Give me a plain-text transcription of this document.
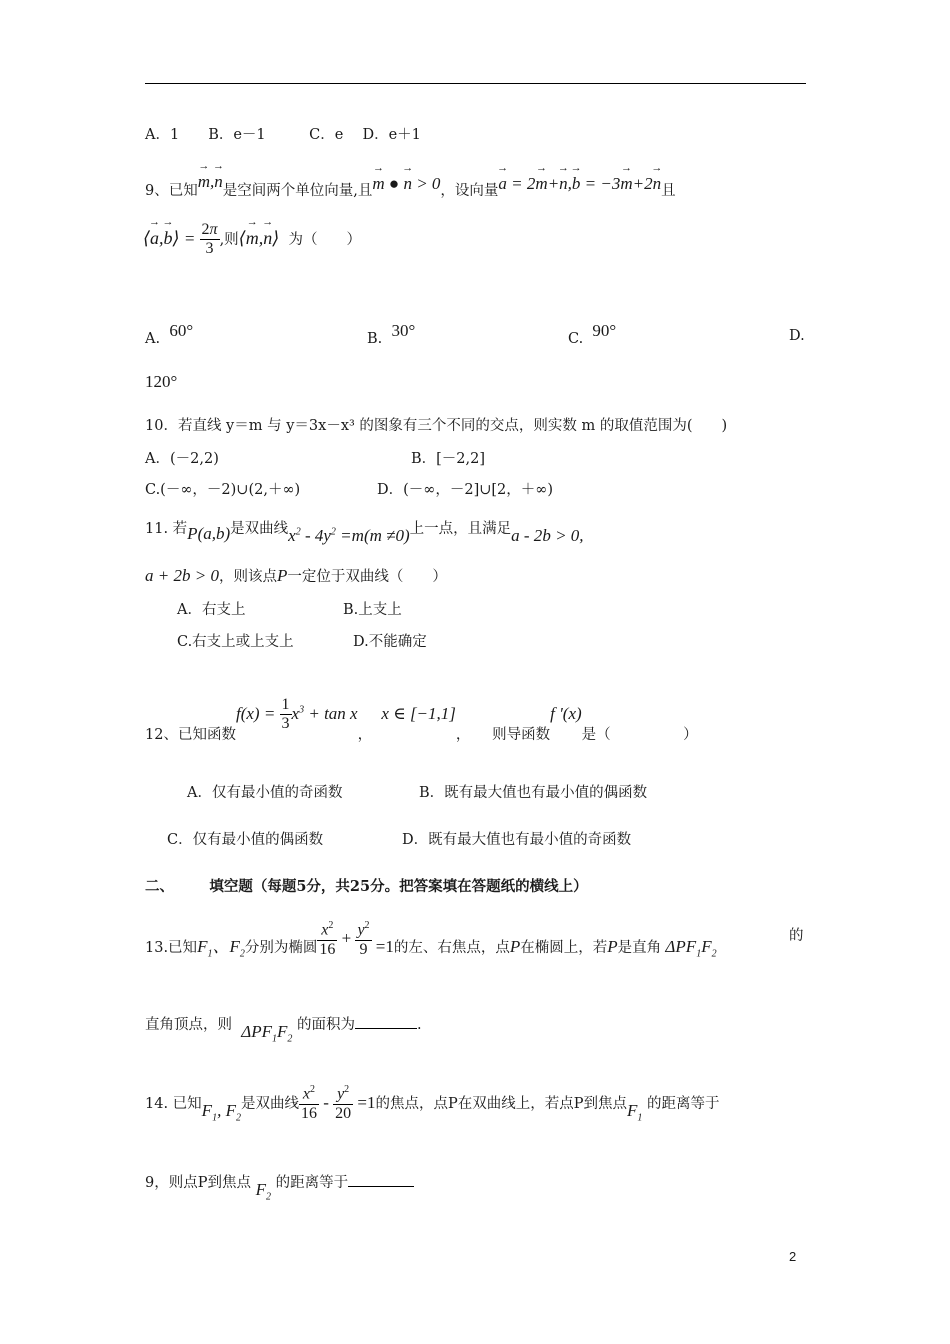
A．1　　B．e－1　　　C．e　 D．e＋1
9、已知→ m,→ n是空间两个单位向量,且→ m ● → n > 0，设向量→ a = 2→ m+→ n,→ b = −3→ m+2→ n且
⟨→ a,→ b⟩ = $\frac{2\pi}{3}$ ,则⟨→ m,→ n⟩ 为（　　）
A. 60°	B. 30°	C. 90°	D.
120°
10．若直线 y＝m 与 y＝3x－x³ 的图象有三个不同的交点，则实数 m 的取值范围为(　　)
A．(－2,2)	B．[－2,2]
C.(－∞，－2)∪(2,＋∞)	D．(－∞，－2]∪[2，＋∞)
11. 若P(a,b)是双曲线$x^2 - 4y^2 =m(m \ne 0)$上一点，且满足a - 2b > 0,
a + 2b > 0，则该点P一定位于双曲线（　　）
A．右支上	B.上支上
C.右支上或上支上	D.不能确定
12、已知函数$f(x) = \frac{1}{3} x^3 + \tan x$，  x ∈ [−1,1]，　　则导函数f '(x)是（　　　　　）
A．仅有最小值的奇函数	B．既有最大值也有最小值的偶函数
C．仅有最小值的偶函数	D．既有最大值也有最小值的奇函数
二、 填空题（每题5分，共25分。把答案填在答题纸的横线上）
13.已知$F_1$、$F_2$分别为椭圆 $\frac{x^2}{16} + \frac{y^2}{9} =1$的左、右焦点，点P在椭圆上，若P是直角 $\Delta PF_1F_2$
的
直角顶点，则 $\Delta PF_1F_2$ 的面积为	.
14. 已知$F_1$, $F_2$是双曲线 $\frac{x^2}{16} - \frac{y^2}{20} =1$的焦点，点P在双曲线上，若点P到焦点$F_1$ 的距离等于
9，则点P到焦点 $F_2$ 的距离等于
2
